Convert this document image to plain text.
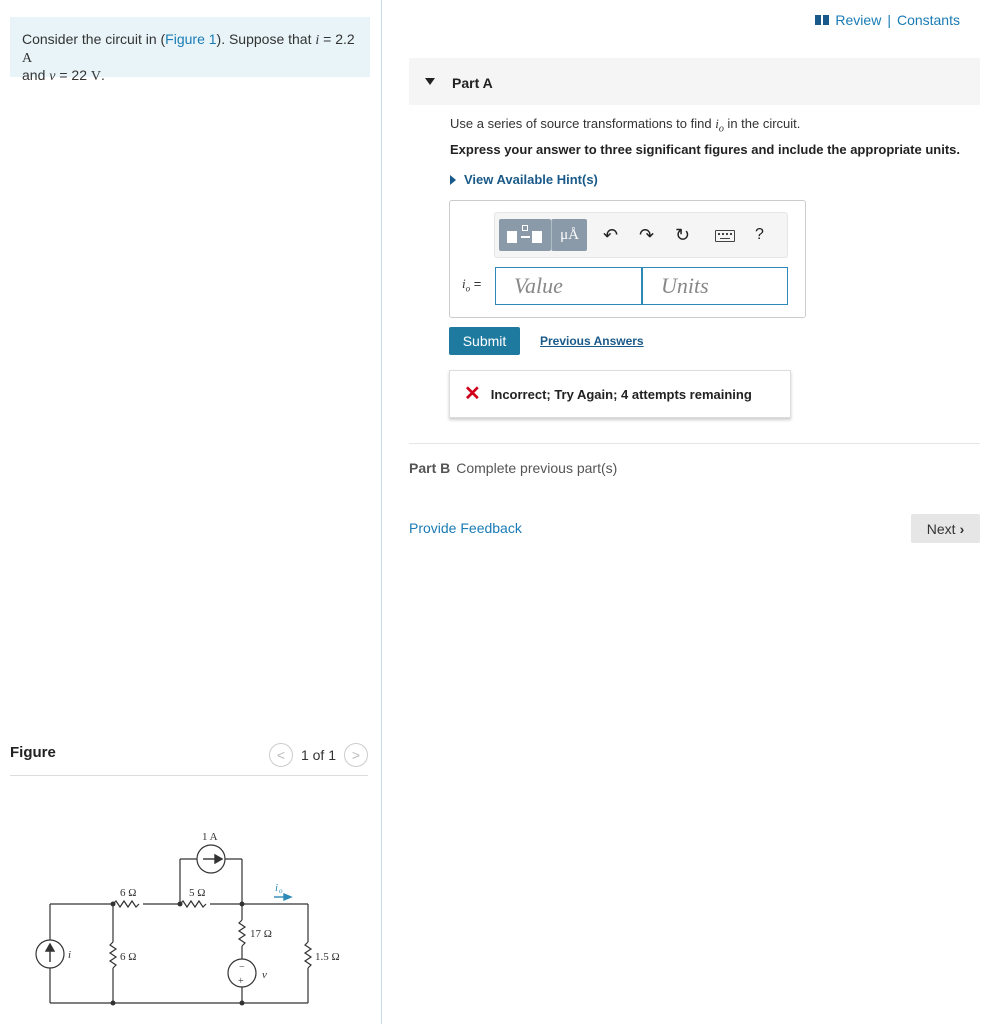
Consider the circuit in (Figure 1). Suppose that i = 2.2 A
and v = 22 V.
Figure	<	1 of 1	>
1 A
6 Ω	5 Ω	i o
17 Ω
6 Ω	1.5 Ω
i
v
−
+
Review | Constants
Part A
Use a series of source transformations to find $i_o$ in the circuit.
Express your answer to three significant figures and include the appropriate units.
View Available Hint(s)
μÅ	↶ ↷ ↻	?
$i_o$ =	Value	Units
Submit	Previous Answers
✕ Incorrect; Try Again; 4 attempts remaining
Part B Complete previous part(s)
Provide Feedback	Next ›
